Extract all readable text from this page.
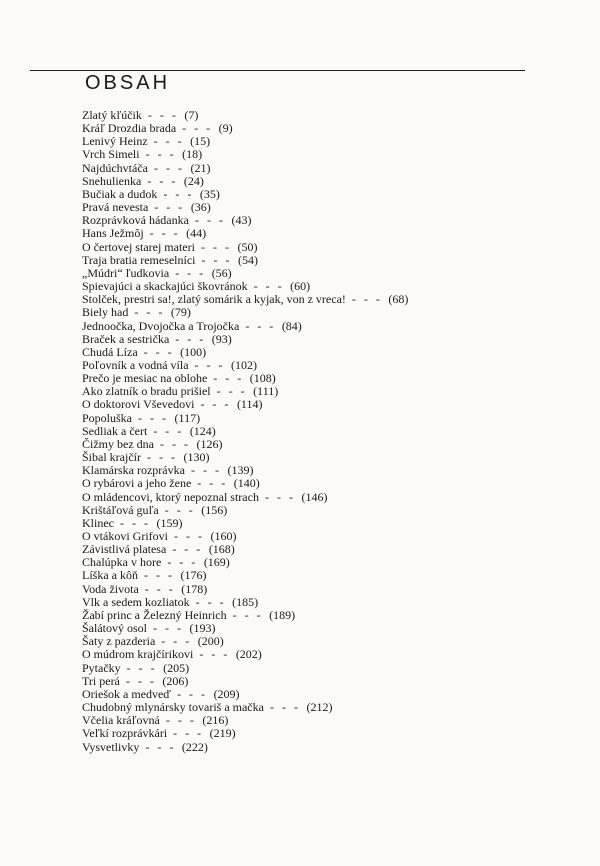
OBSAH
Zlatý kľúčik - - - (7)
Kráľ Drozdia brada - - - (9)
Lenivý Heinz - - - (15)
Vrch Simeli - - - (18)
Najdúchvtáča - - - (21)
Snehulienka - - - (24)
Bučiak a dudok - - - (35)
Pravá nevesta - - - (36)
Rozprávková hádanka - - - (43)
Hans Ježmôj - - - (44)
O čertovej starej materi - - - (50)
Traja bratia remeselníci - - - (54)
„Múdri“ ľudkovia - - - (56)
Spievajúci a skackajúci škovránok - - - (60)
Stolček, prestri sa!, zlatý somárik a kyjak, von z vreca! - - - (68)
Biely had - - - (79)
Jednoočka, Dvojočka a Trojočka - - - (84)
Braček a sestrička - - - (93)
Chudá Líza - - - (100)
Poľovník a vodná víla - - - (102)
Prečo je mesiac na oblohe - - - (108)
Ako zlatník o bradu prišiel - - - (111)
O doktorovi Vševedovi - - - (114)
Popoluška - - - (117)
Sedliak a čert - - - (124)
Čižmy bez dna - - - (126)
Šibal krajčír - - - (130)
Klamárska rozprávka - - - (139)
O rybárovi a jeho žene - - - (140)
O mládencovi, ktorý nepoznal strach - - - (146)
Krištáľová guľa - - - (156)
Klinec - - - (159)
O vtákovi Grifovi - - - (160)
Závistlivá platesa - - - (168)
Chalúpka v hore - - - (169)
Líška a kôň - - - (176)
Voda života - - - (178)
Vlk a sedem kozliatok - - - (185)
Žabí princ a Železný Heinrich - - - (189)
Šalátový osol - - - (193)
Šaty z pazderia - - - (200)
O múdrom krajčírikovi - - - (202)
Pytačky - - - (205)
Tri perá - - - (206)
Oriešok a medveď - - - (209)
Chudobný mlynársky tovariš a mačka - - - (212)
Včelia kráľovná - - - (216)
Veľkí rozprávkári - - - (219)
Vysvetlivky - - - (222)
